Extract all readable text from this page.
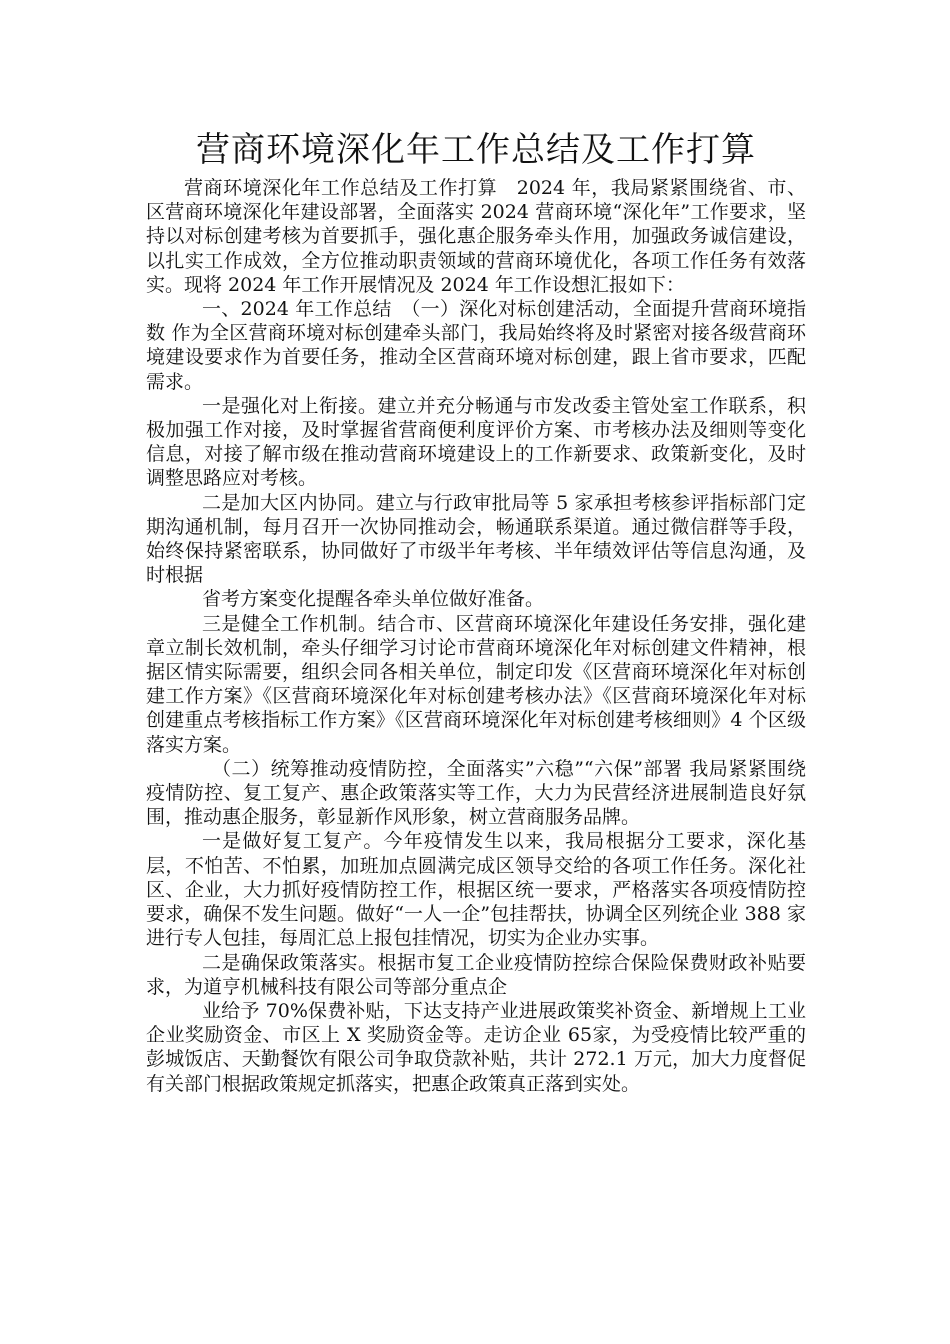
营商环境深化年工作总结及工作打算

营商环境深化年工作总结及工作打算　2024 年，我局紧紧围绕省、市、区营商环境深化年建设部署，全面落实 2024 营商环境“深化年”工作要求，坚持以对标创建考核为首要抓手，强化惠企服务牵头作用，加强政务诚信建设，以扎实工作成效，全方位推动职责领域的营商环境优化，各项工作任务有效落实。现将 2024 年工作开展情况及 2024 年工作设想汇报如下：

一、2024 年工作总结　（一）深化对标创建活动，全面提升营商环境指数 作为全区营商环境对标创建牵头部门，我局始终将及时紧密对接各级营商环境建设要求作为首要任务，推动全区营商环境对标创建，跟上省市要求，匹配需求。

一是强化对上衔接。建立并充分畅通与市发改委主管处室工作联系，积极加强工作对接，及时掌握省营商便利度评价方案、市考核办法及细则等变化信息，对接了解市级在推动营商环境建设上的工作新要求、政策新变化，及时调整思路应对考核。

二是加大区内协同。建立与行政审批局等 5 家承担考核参评指标部门定期沟通机制，每月召开一次协同推动会，畅通联系渠道。通过微信群等手段，始终保持紧密联系，协同做好了市级半年考核、半年绩效评估等信息沟通，及时根据

省考方案变化提醒各牵头单位做好准备。

三是健全工作机制。结合市、区营商环境深化年建设任务安排，强化建章立制长效机制，牵头仔细学习讨论市营商环境深化年对标创建文件精神，根据区情实际需要，组织会同各相关单位，制定印发《区营商环境深化年对标创建工作方案》《区营商环境深化年对标创建考核办法》《区营商环境深化年对标创建重点考核指标工作方案》《区营商环境深化年对标创建考核细则》4 个区级落实方案。

（二）统筹推动疫情防控，全面落实”六稳”“六保”部署 我局紧紧围绕疫情防控、复工复产、惠企政策落实等工作，大力为民营经济进展制造良好氛围，推动惠企服务，彰显新作风形象，树立营商服务品牌。

一是做好复工复产。今年疫情发生以来，我局根据分工要求，深化基层，不怕苦、不怕累，加班加点圆满完成区领导交给的各项工作任务。深化社区、企业，大力抓好疫情防控工作，根据区统一要求，严格落实各项疫情防控要求，确保不发生问题。做好“一人一企”包挂帮扶，协调全区列统企业 388 家进行专人包挂，每周汇总上报包挂情况，切实为企业办实事。

二是确保政策落实。根据市复工企业疫情防控综合保险保费财政补贴要求，为道亨机械科技有限公司等部分重点企

业给予 70%保费补贴，下达支持产业进展政策奖补资金、新增规上工业企业奖励资金、市区上 X 奖励资金等。走访企业 65家，为受疫情比较严重的彭城饭店、天勤餐饮有限公司争取贷款补贴，共计 272.1 万元，加大力度督促有关部门根据政策规定抓落实，把惠企政策真正落到实处。
